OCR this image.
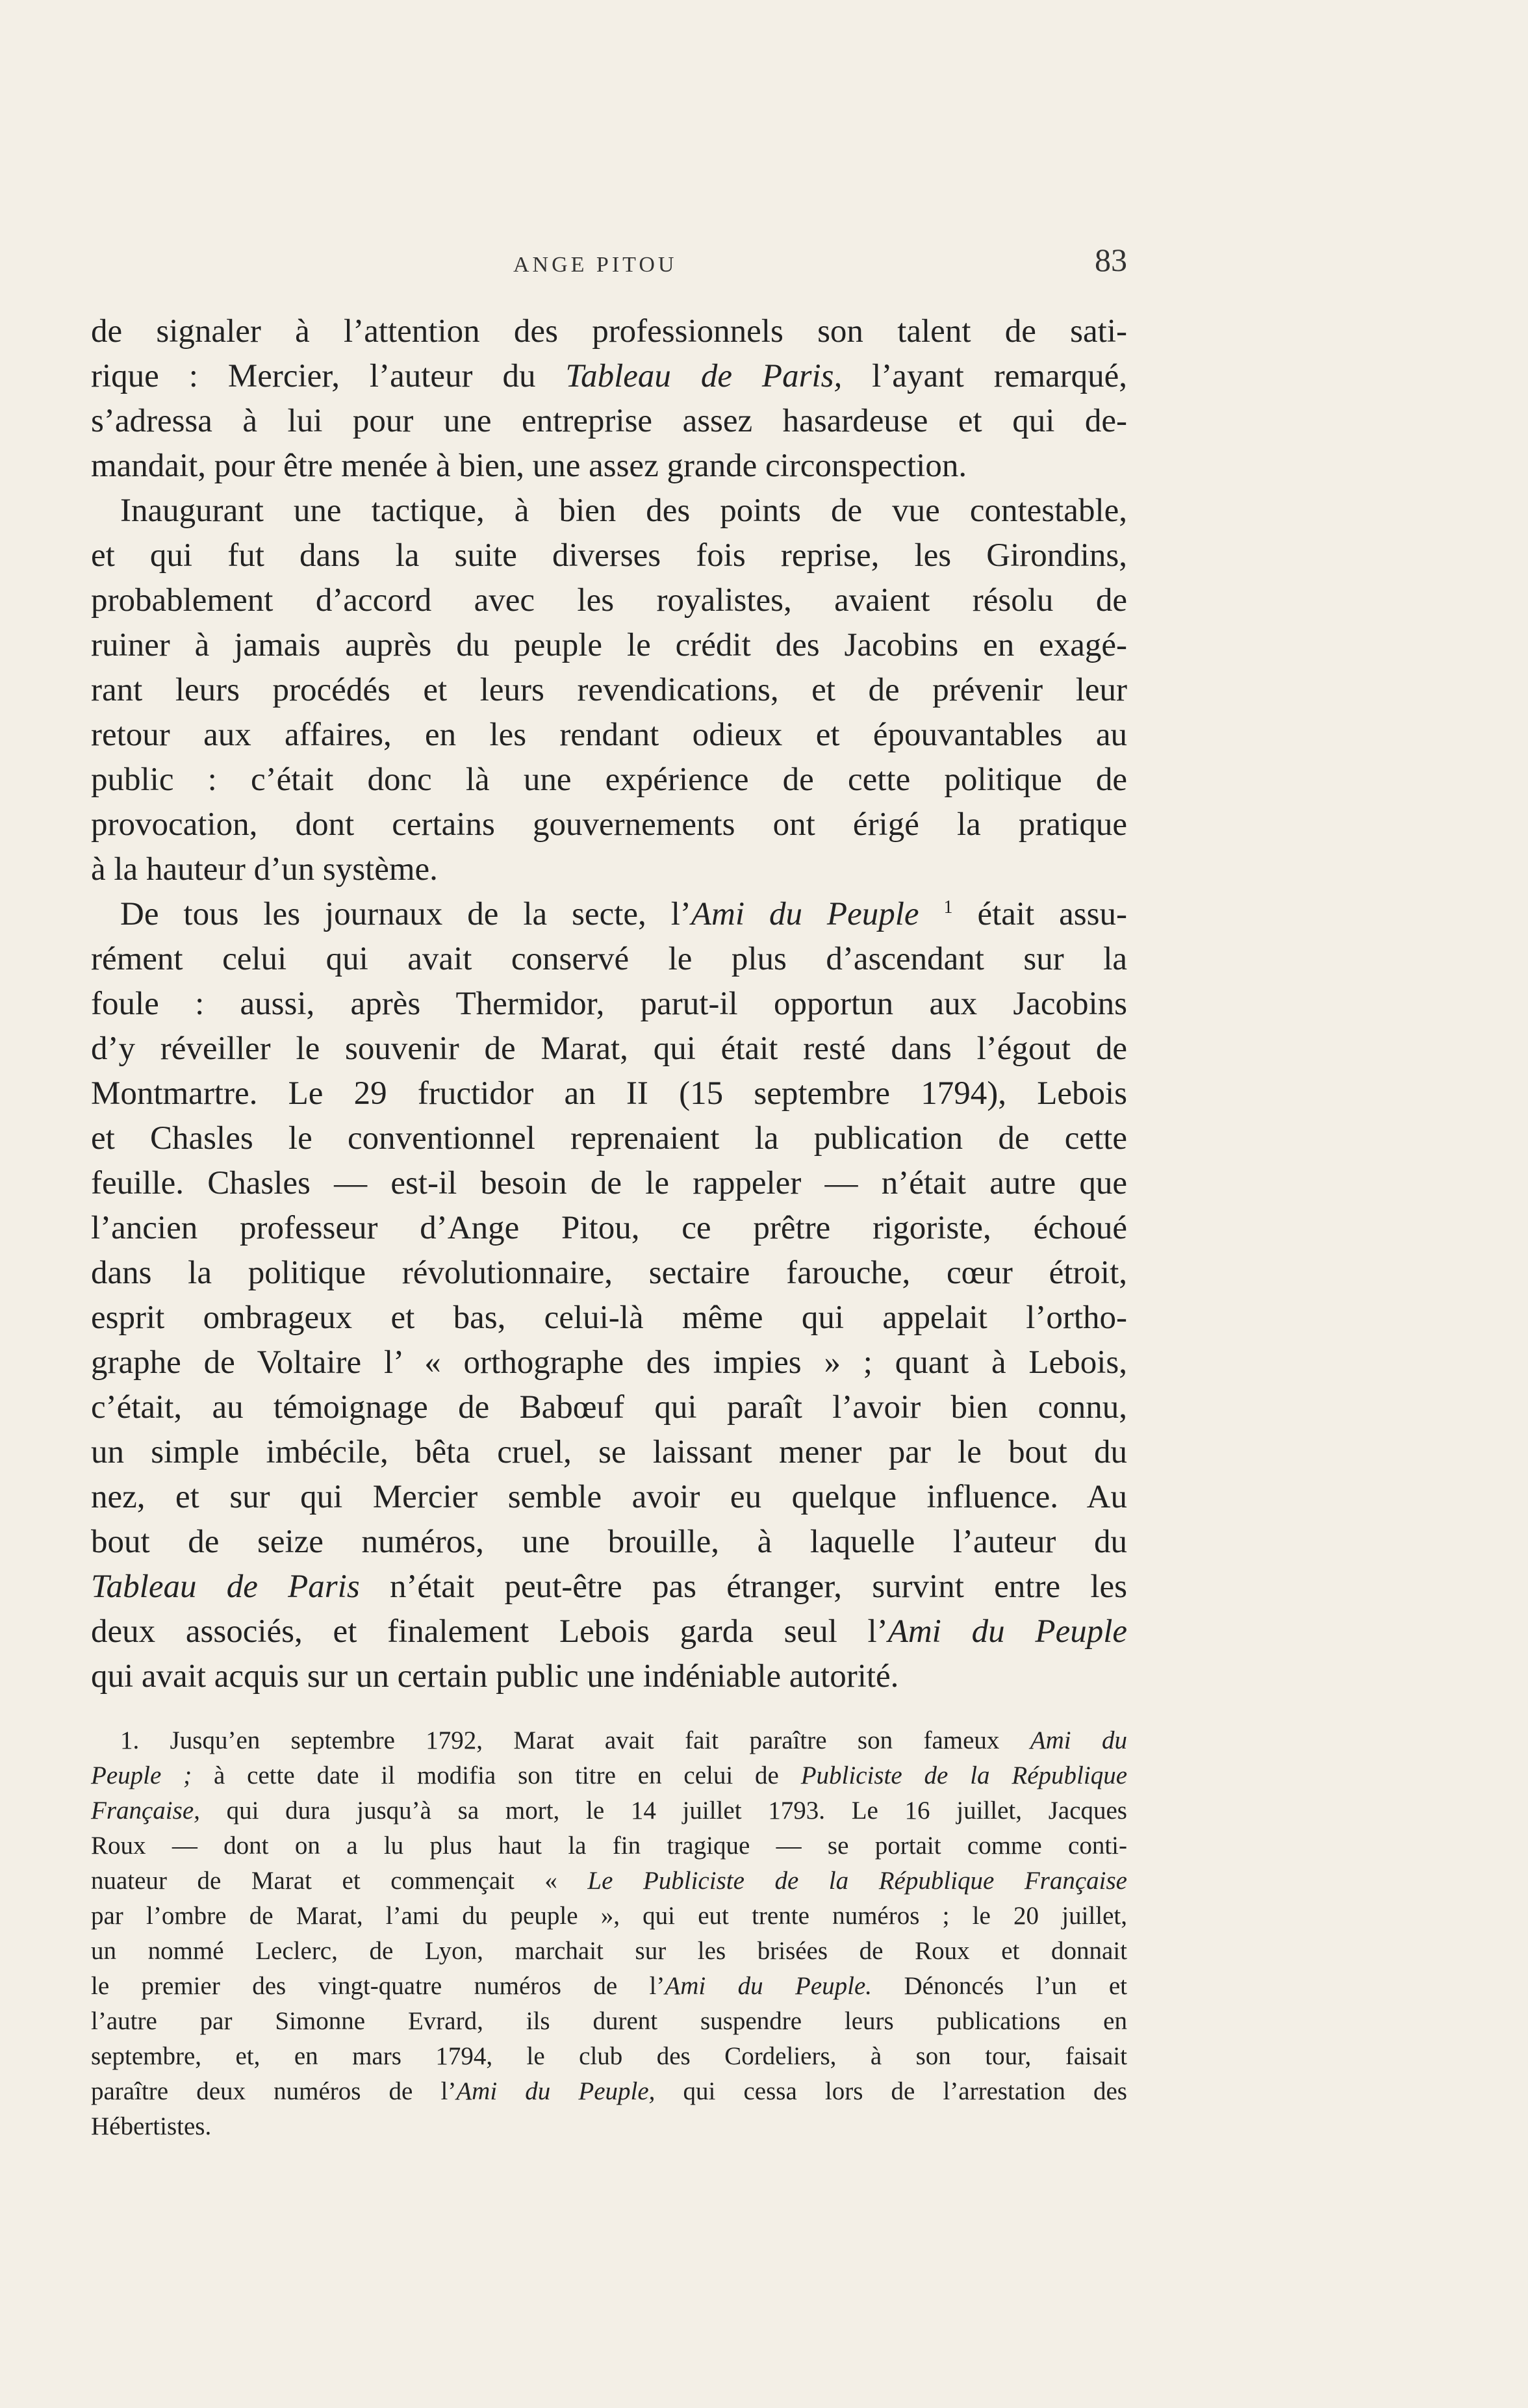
ANGE PITOU	83
de signaler à l’attention des professionnels son talent de sati-
rique : Mercier, l’auteur du Tableau de Paris, l’ayant remarqué,
s’adressa à lui pour une entreprise assez hasardeuse et qui de-
mandait, pour être menée à bien, une assez grande circonspection.
Inaugurant une tactique, à bien des points de vue contestable,
et qui fut dans la suite diverses fois reprise, les Girondins,
probablement d’accord avec les royalistes, avaient résolu de
ruiner à jamais auprès du peuple le crédit des Jacobins en exagé-
rant leurs procédés et leurs revendications, et de prévenir leur
retour aux affaires, en les rendant odieux et épouvantables au
public : c’était donc là une expérience de cette politique de
provocation, dont certains gouvernements ont érigé la pratique
à la hauteur d’un système.
De tous les journaux de la secte, l’Ami du Peuple $^1$ était assu-
rément celui qui avait conservé le plus d’ascendant sur la
foule : aussi, après Thermidor, parut-il opportun aux Jacobins
d’y réveiller le souvenir de Marat, qui était resté dans l’égout de
Montmartre. Le 29 fructidor an II (15 septembre 1794), Lebois
et Chasles le conventionnel reprenaient la publication de cette
feuille. Chasles — est-il besoin de le rappeler — n’était autre que
l’ancien professeur d’Ange Pitou, ce prêtre rigoriste, échoué
dans la politique révolutionnaire, sectaire farouche, cœur étroit,
esprit ombrageux et bas, celui-là même qui appelait l’ortho-
graphe de Voltaire l’ « orthographe des impies » ; quant à Lebois,
c’était, au témoignage de Babœuf qui paraît l’avoir bien connu,
un simple imbécile, bêta cruel, se laissant mener par le bout du
nez, et sur qui Mercier semble avoir eu quelque influence. Au
bout de seize numéros, une brouille, à laquelle l’auteur du
Tableau de Paris n’était peut-être pas étranger, survint entre les
deux associés, et finalement Lebois garda seul l’Ami du Peuple
qui avait acquis sur un certain public une indéniable autorité.
1. Jusqu’en septembre 1792, Marat avait fait paraître son fameux Ami du
Peuple ; à cette date il modifia son titre en celui de Publiciste de la République
Française, qui dura jusqu’à sa mort, le 14 juillet 1793. Le 16 juillet, Jacques
Roux — dont on a lu plus haut la fin tragique — se portait comme conti-
nuateur de Marat et commençait « Le Publiciste de la République Française
par l’ombre de Marat, l’ami du peuple », qui eut trente numéros ; le 20 juillet,
un nommé Leclerc, de Lyon, marchait sur les brisées de Roux et donnait
le premier des vingt-quatre numéros de l’Ami du Peuple. Dénoncés l’un et
l’autre par Simonne Evrard, ils durent suspendre leurs publications en
septembre, et, en mars 1794, le club des Cordeliers, à son tour, faisait
paraître deux numéros de l’Ami du Peuple, qui cessa lors de l’arrestation des
Hébertistes.
